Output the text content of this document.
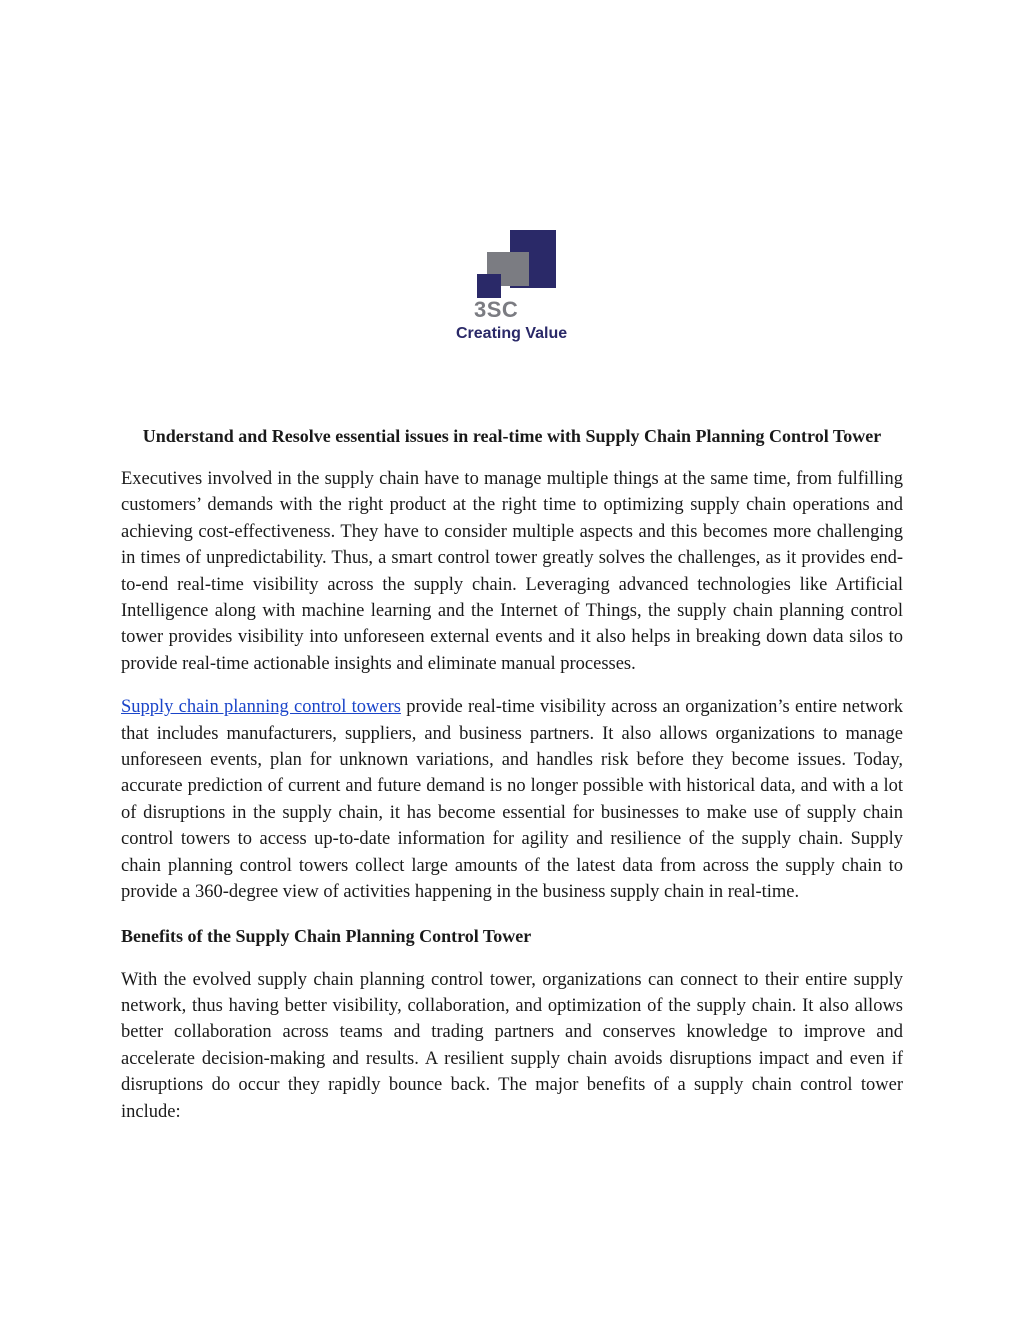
3SC
Creating Value
Understand and Resolve essential issues in real-time with Supply Chain Planning Control Tower

Executives involved in the supply chain have to manage multiple things at the same time, from fulfilling customers’ demands with the right product at the right time to optimizing supply chain operations and achieving cost-effectiveness. They have to consider multiple aspects and this becomes more challenging in times of unpredictability. Thus, a smart control tower greatly solves the challenges, as it provides end-to-end real-time visibility across the supply chain. Leveraging advanced technologies like Artificial Intelligence along with machine learning and the Internet of Things, the supply chain planning control tower provides visibility into unforeseen external events and it also helps in breaking down data silos to provide real-time actionable insights and eliminate manual processes.

Supply chain planning control towers provide real-time visibility across an organization’s entire network that includes manufacturers, suppliers, and business partners. It also allows organizations to manage unforeseen events, plan for unknown variations, and handles risk before they become issues. Today, accurate prediction of current and future demand is no longer possible with historical data, and with a lot of disruptions in the supply chain, it has become essential for businesses to make use of supply chain control towers to access up-to-date information for agility and resilience of the supply chain. Supply chain planning control towers collect large amounts of the latest data from across the supply chain to provide a 360-degree view of activities happening in the business supply chain in real-time.

Benefits of the Supply Chain Planning Control Tower

With the evolved supply chain planning control tower, organizations can connect to their entire supply network, thus having better visibility, collaboration, and optimization of the supply chain. It also allows better collaboration across teams and trading partners and conserves knowledge to improve and accelerate decision-making and results. A resilient supply chain avoids disruptions impact and even if disruptions do occur they rapidly bounce back. The major benefits of a supply chain control tower include:
